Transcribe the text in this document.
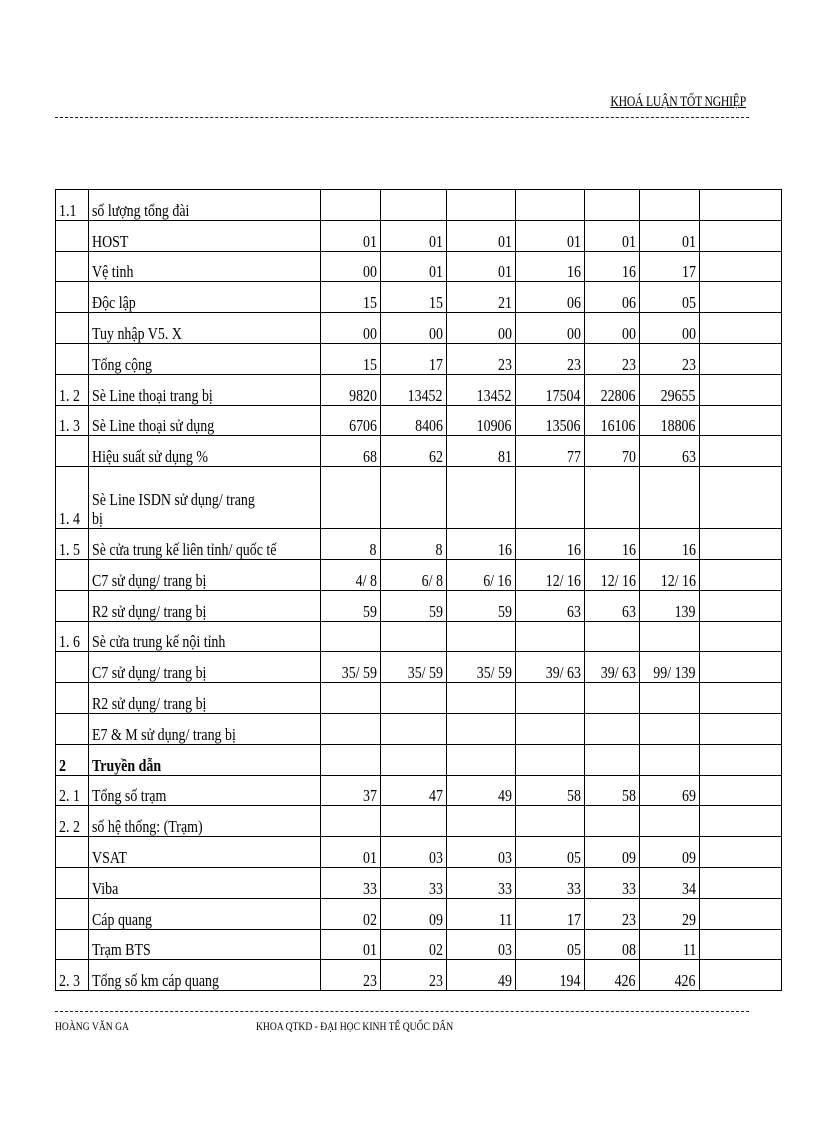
KHOÁ LUẬN TỐT NGHIỆP
1.1	số lượng tổng đài							
	HOST	01	01	01	01	01	01	
	Vệ tinh	00	01	01	16	16	17	
	Độc lập	15	15	21	06	06	05	
	Tuy nhập V5. X	00	00	00	00	00	00	
	Tổng cộng	15	17	23	23	23	23	
1. 2	Sè Line thoại trang bị	9820	13452	13452	17504	22806	29655	
1. 3	Sè Line thoại sử dụng	6706	8406	10906	13506	16106	18806	
	Hiệu suất sử dụng %	68	62	81	77	70	63	
1. 4	Sè Line ISDN sử dụng/ trang bị							

1. 5	Sè cửa trung kế liên tỉnh/ quốc tế	8	8	16	16	16	16	
	C7 sử dụng/ trang bị	4/ 8	6/ 8	6/ 16	12/ 16	12/ 16	12/ 16	
	R2 sử dụng/ trang bị	59	59	59	63	63	139	
1. 6	Sè cửa trung kế nội tỉnh							
	C7 sử dụng/ trang bị	35/ 59	35/ 59	35/ 59	39/ 63	39/ 63	99/ 139	
	R2 sử dụng/ trang bị							
	E7 & M sử dụng/ trang bị							
2	Truyền dẫn							
2. 1	Tổng số trạm	37	47	49	58	58	69	
2. 2	số hệ thống: (Trạm)							
	VSAT	01	03	03	05	09	09	
	Viba	33	33	33	33	33	34	
	Cáp quang	02	09	11	17	23	29	
	Trạm BTS	01	02	03	05	08	11	
2. 3	Tổng số km cáp quang	23	23	49	194	426	426	
HOÀNG VĂN GA	KHOA QTKD - ĐẠI HỌC KINH TẾ QUỐC DÂN
